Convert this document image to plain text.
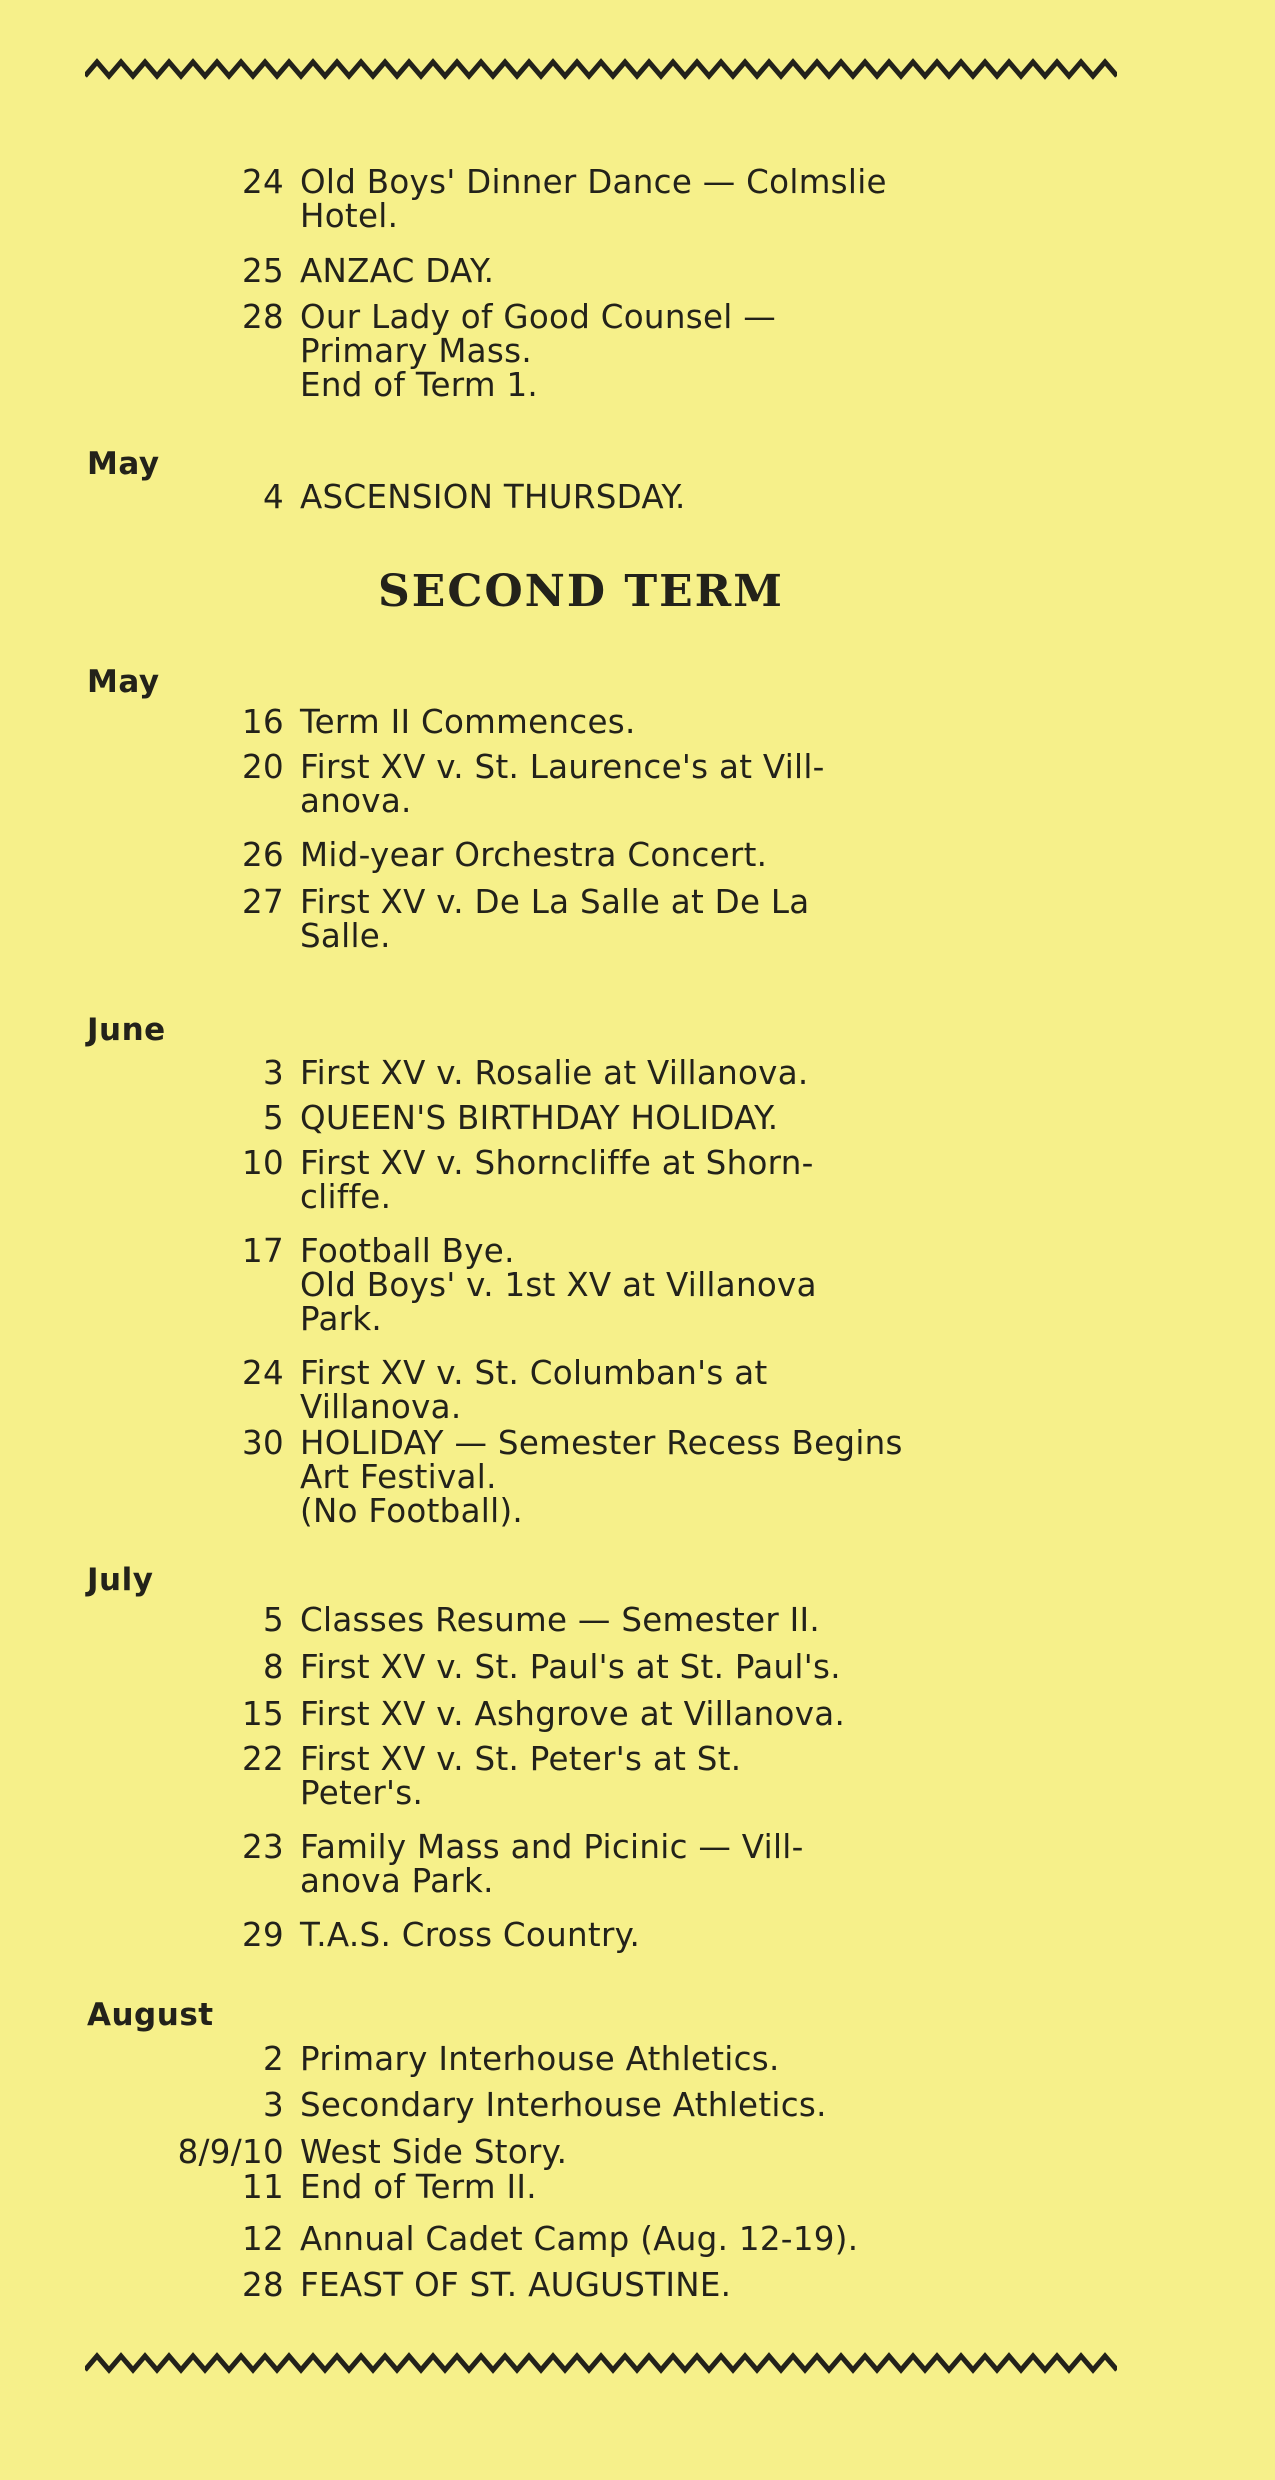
May
May
June
July
August
SECOND TERM
24 Old Boys' Dinner Dance — Colmslie
Hotel.
25 ANZAC DAY.
28 Our Lady of Good Counsel —
Primary Mass.
End of Term 1.
4 ASCENSION THURSDAY.
16 Term II Commences.
20 First XV v. St. Laurence's at Vill-
anova.
26 Mid-year Orchestra Concert.
27 First XV v. De La Salle at De La
Salle.
3 First XV v. Rosalie at Villanova.
5 QUEEN'S BIRTHDAY HOLIDAY.
10 First XV v. Shorncliffe at Shorn-
cliffe.
17 Football Bye.
Old Boys' v. 1st XV at Villanova
Park.
24 First XV v. St. Columban's at
Villanova.
30 HOLIDAY — Semester Recess Begins
Art Festival.
(No Football).
5 Classes Resume — Semester II.
8 First XV v. St. Paul's at St. Paul's.
15 First XV v. Ashgrove at Villanova.
22 First XV v. St. Peter's at St.
Peter's.
23 Family Mass and Picinic — Vill-
anova Park.
29 T.A.S. Cross Country.
2 Primary Interhouse Athletics.
3 Secondary Interhouse Athletics.
8/9/10 West Side Story.
11 End of Term II.
12 Annual Cadet Camp (Aug. 12-19).
28 FEAST OF ST. AUGUSTINE.
